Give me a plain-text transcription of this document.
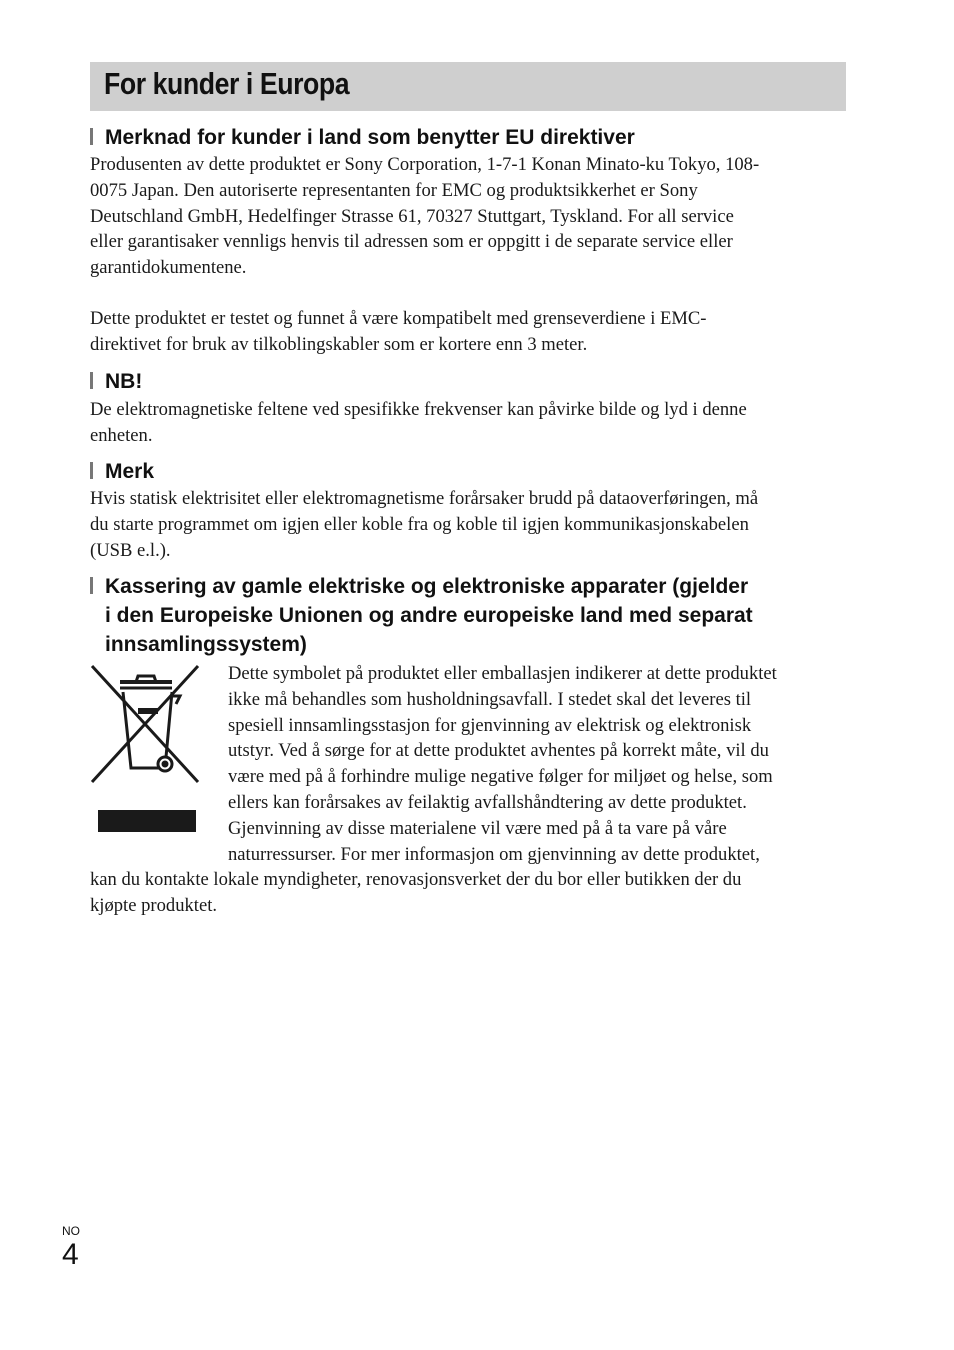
For kunder i Europa
Merknad for kunder i land som benytter EU direktiver
Produsenten av dette produktet er Sony Corporation, 1-7-1 Konan Minato-ku Tokyo, 108-
0075 Japan. Den autoriserte representanten for EMC og produktsikkerhet er Sony
Deutschland GmbH, Hedelfinger Strasse 61, 70327 Stuttgart, Tyskland. For all service
eller garantisaker vennligs henvis til adressen som er oppgitt i de separate service eller
garantidokumentene.
Dette produktet er testet og funnet å være kompatibelt med grenseverdiene i EMC-
direktivet for bruk av tilkoblingskabler som er kortere enn 3 meter.
NB!
De elektromagnetiske feltene ved spesifikke frekvenser kan påvirke bilde og lyd i denne
enheten.
Merk
Hvis statisk elektrisitet eller elektromagnetisme forårsaker brudd på dataoverføringen, må
du starte programmet om igjen eller koble fra og koble til igjen kommunikasjonskabelen
(USB e.l.).
Kassering av gamle elektriske og elektroniske apparater (gjelder
i den Europeiske Unionen og andre europeiske land med separat
innsamlingssystem)
Dette symbolet på produktet eller emballasjen indikerer at dette produktet
ikke må behandles som husholdningsavfall. I stedet skal det leveres til
spesiell innsamlingsstasjon for gjenvinning av elektrisk og elektronisk
utstyr. Ved å sørge for at dette produktet avhentes på korrekt måte, vil du
være med på å forhindre mulige negative følger for miljøet og helse, som
ellers kan forårsakes av feilaktig avfallshåndtering av dette produktet.
Gjenvinning av disse materialene vil være med på å ta vare på våre
naturressurser. For mer informasjon om gjenvinning av dette produktet,
kan du kontakte lokale myndigheter, renovasjonsverket der du bor eller butikken der du
kjøpte produktet.
NO
4
